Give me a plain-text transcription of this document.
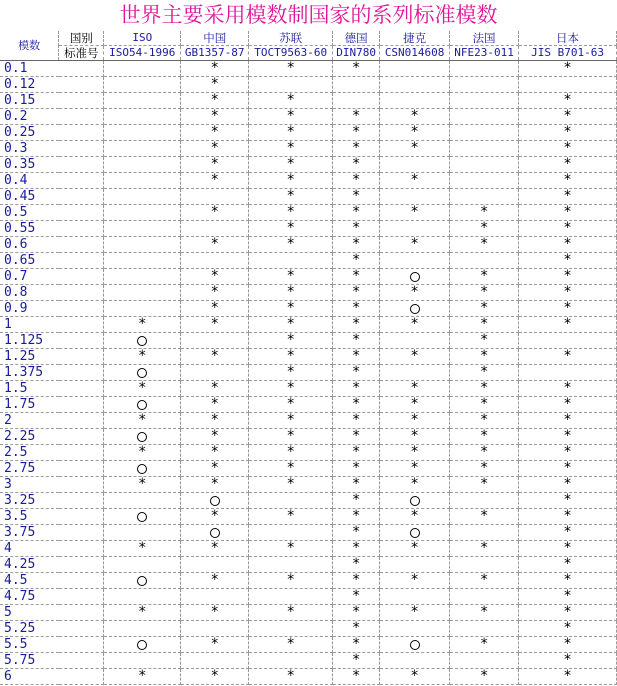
世界主要采用模数制国家的系列标准模数
模数	国别	ISO	中国	苏联	德国	捷克	法国	日本
	标准号	ISO54-1996	GB1357-87	TOCT9563-60	DIN780	CSN014608	NFE23-011	JIS B701-63
0.1			*	*	*			*
0.12			*					
0.15			*	*				*
0.2			*	*	*	*		*
0.25			*	*	*	*		*
0.3			*	*	*	*		*
0.35			*	*	*			*
0.4			*	*	*	*		*
0.45				*	*			*
0.5			*	*	*	*	*	*
0.55				*	*		*	*
0.6			*	*	*	*	*	*
0.65					*			*
0.7			*	*	*		*	*
0.8			*	*	*	*	*	*
0.9			*	*	*		*	*
1		*	*	*	*	*	*	*
1.125				*	*		*	
1.25		*	*	*	*	*	*	*
1.375				*	*		*	
1.5		*	*	*	*	*	*	*
1.75			*	*	*	*	*	*
2		*	*	*	*	*	*	*
2.25			*	*	*	*	*	*
2.5		*	*	*	*	*	*	*
2.75			*	*	*	*	*	*
3		*	*	*	*	*	*	*
3.25					*			*
3.5			*	*	*	*	*	*
3.75					*			*
4		*	*	*	*	*	*	*
4.25					*			*
4.5			*	*	*	*	*	*
4.75					*			*
5		*	*	*	*	*	*	*
5.25					*			*
5.5			*	*	*		*	*
5.75					*			*
6		*	*	*	*	*	*	*
